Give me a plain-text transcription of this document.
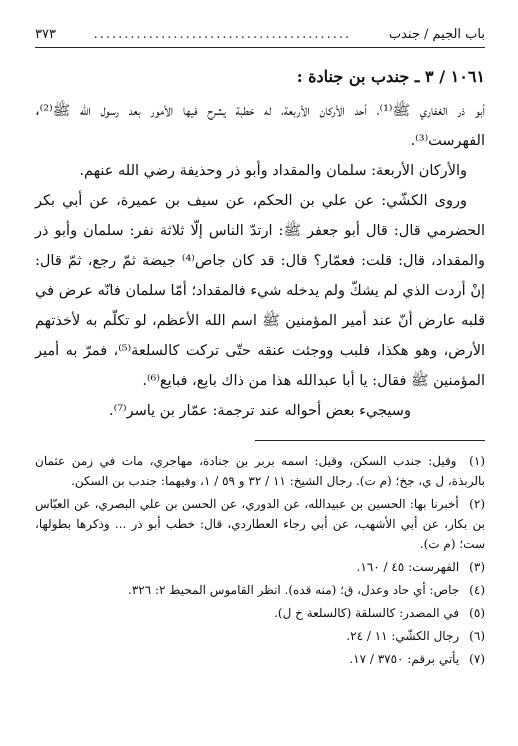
باب الجيم / جندب
..........................................
٣٧٣
١٠٦١ / ٣ ـ جندب بن جنادة :

أبو ذر الغفاري ﷺ⁽¹⁾، أحد الأركان الأربعة، له خطبة يشرح فيها الأمور بعد رسول الله ﷺ⁽²⁾، الفهرست⁽³⁾.

والأركان الأربعة: سلمان والمقداد وأبو ذر وحذيفة رضي الله عنهم.

وروى الكشّي: عن علي بن الحكم، عن سيف بن عميرة، عن أبي بكر الحضرمي قال: قال أبو جعفر ﷺ: ارتدّ الناس إلّا ثلاثة نفر: سلمان وأبو ذر والمقداد، قال: قلت: فعمّار؟ قال: قد كان جاص⁽⁴⁾ جيضة ثمّ رجع، ثمّ قال: إنْ أردت الذي لم يشكّ ولم يدخله شيء فالمقداد؛ أمّا سلمان فانّه عرض في قلبه عارض أنّ عند أمير المؤمنين ﷺ اسم الله الأعظم، لو تكلّم به لأخذتهم الأرض، وهو هكذا، فلبب ووجئت عنقه حتّى تركت كالسلعة⁽⁵⁾، فمرّ به أمير المؤمنين ﷺ فقال: يا أبا عبدالله هذا من ذاك بايع، فبايع⁽⁶⁾.

وسيجيء بعض أحواله عند ترجمة: عمّار بن ياسر⁽⁷⁾.

(١) وقيل: جندب السكن، وقيل: اسمه بربر بن جنادة، مهاجري، مات في زمن عثمان بالربذة، ل ي، جخ؛ (م ت). رجال الشيخ: ١١ / ٣٢ و ٥٩ / ١، وفيهما: جندب بن السكن.

(٢) أخبرنا بها: الحسين بن عبيدالله، عن الدوري، عن الحسن بن علي البصري، عن العبّاس بن بكار، عن أبي الأشهب، عن أبي رجاء العطاردي، قال: خطب أبو ذر ... وذكرها بطولها، ست؛ (م ت).

(٣) الفهرست: ٤٥ / ١٦٠.

(٤) جاص: أي حاد وعدل، ق؛ (منه قده). انظر القاموس المحيط ٢: ٣٢٦.

(٥) في المصدر: كالسلقة (كالسلعة خ ل).

(٦) رجال الكشّي: ١١ / ٢٤.

(٧) يأتي برقم: ٣٧٥٠ / ١٧.
